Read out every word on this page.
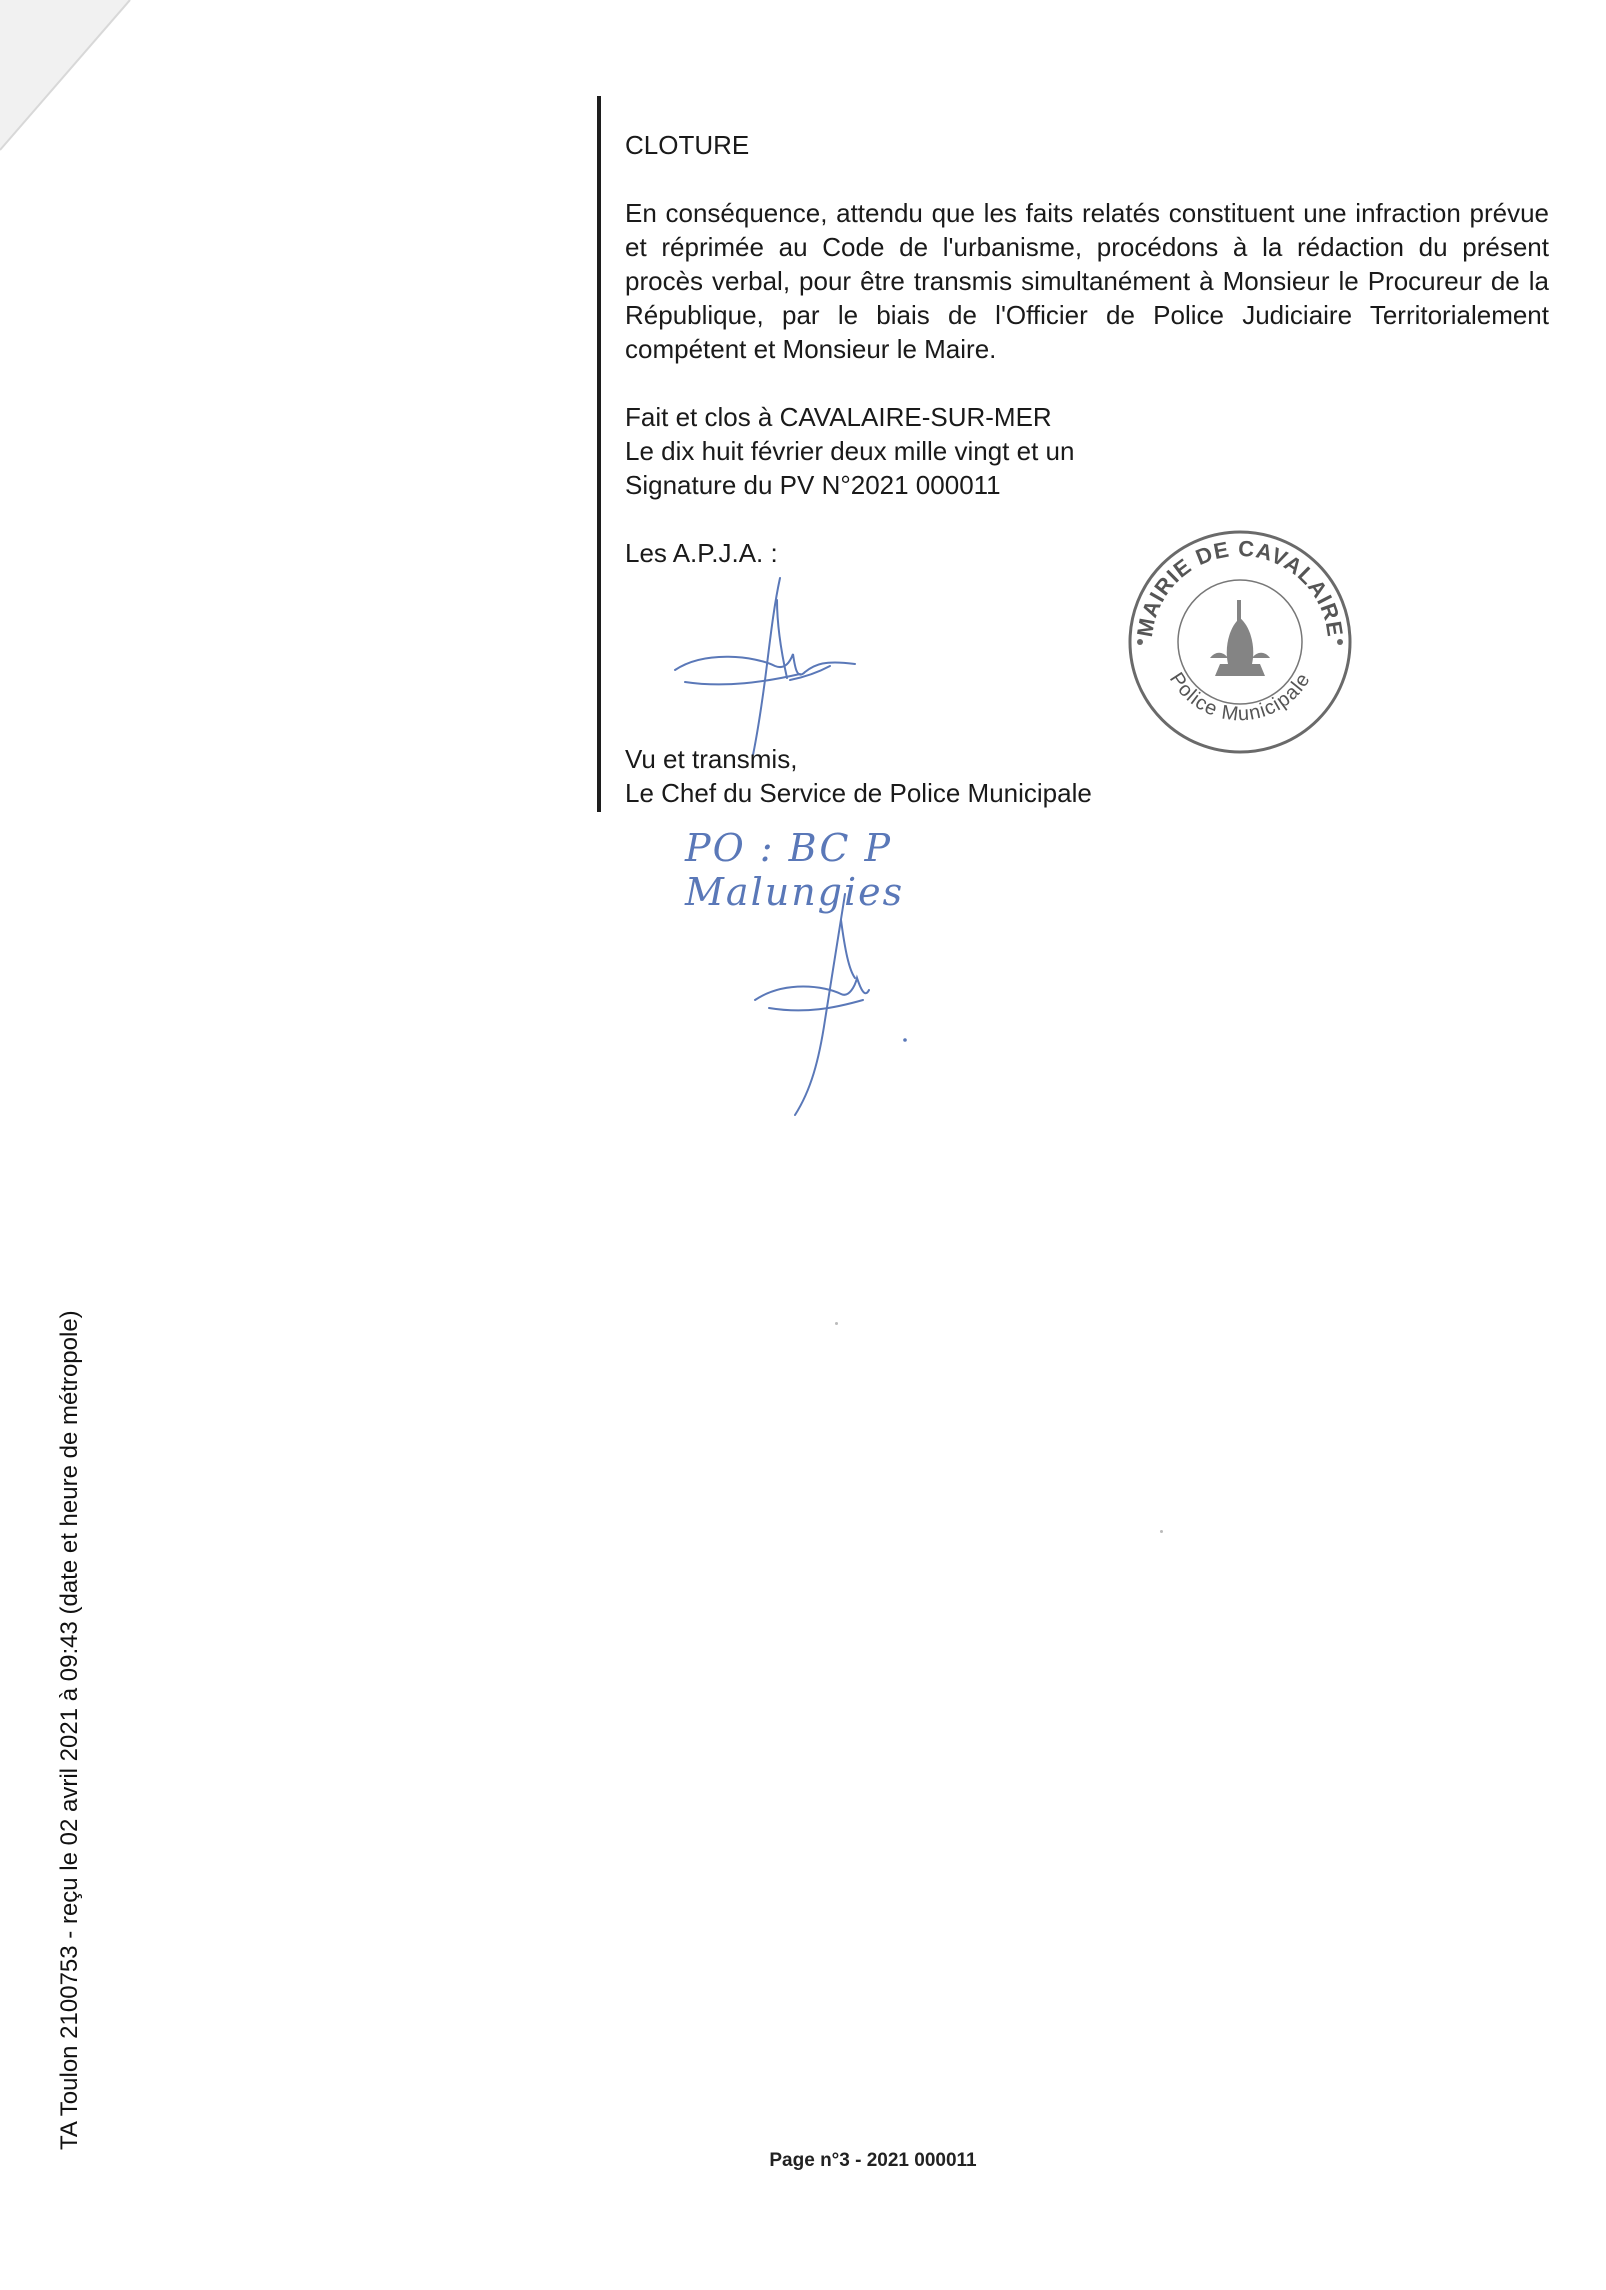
CLOTURE

En conséquence, attendu que les faits relatés constituent une infraction prévue et réprimée au Code de l'urbanisme, procédons à la rédaction du présent procès verbal, pour être transmis simultanément à Monsieur le Procureur de la République, par le biais de l'Officier de Police Judiciaire Territorialement compétent et Monsieur le Maire.

Fait et clos à CAVALAIRE-SUR-MER
Le dix huit février deux mille vingt et un
Signature du PV N°2021 000011

Les A.P.J.A. :

MAIRIE DE CAVALAIRE
Police Municipale
Vu et transmis,
Le Chef du Service de Police Municipale
PO : BC P Malungies
TA Toulon 2100753 - reçu le 02 avril 2021 à 09:43 (date et heure de métropole)
Page n°3 - 2021 000011
